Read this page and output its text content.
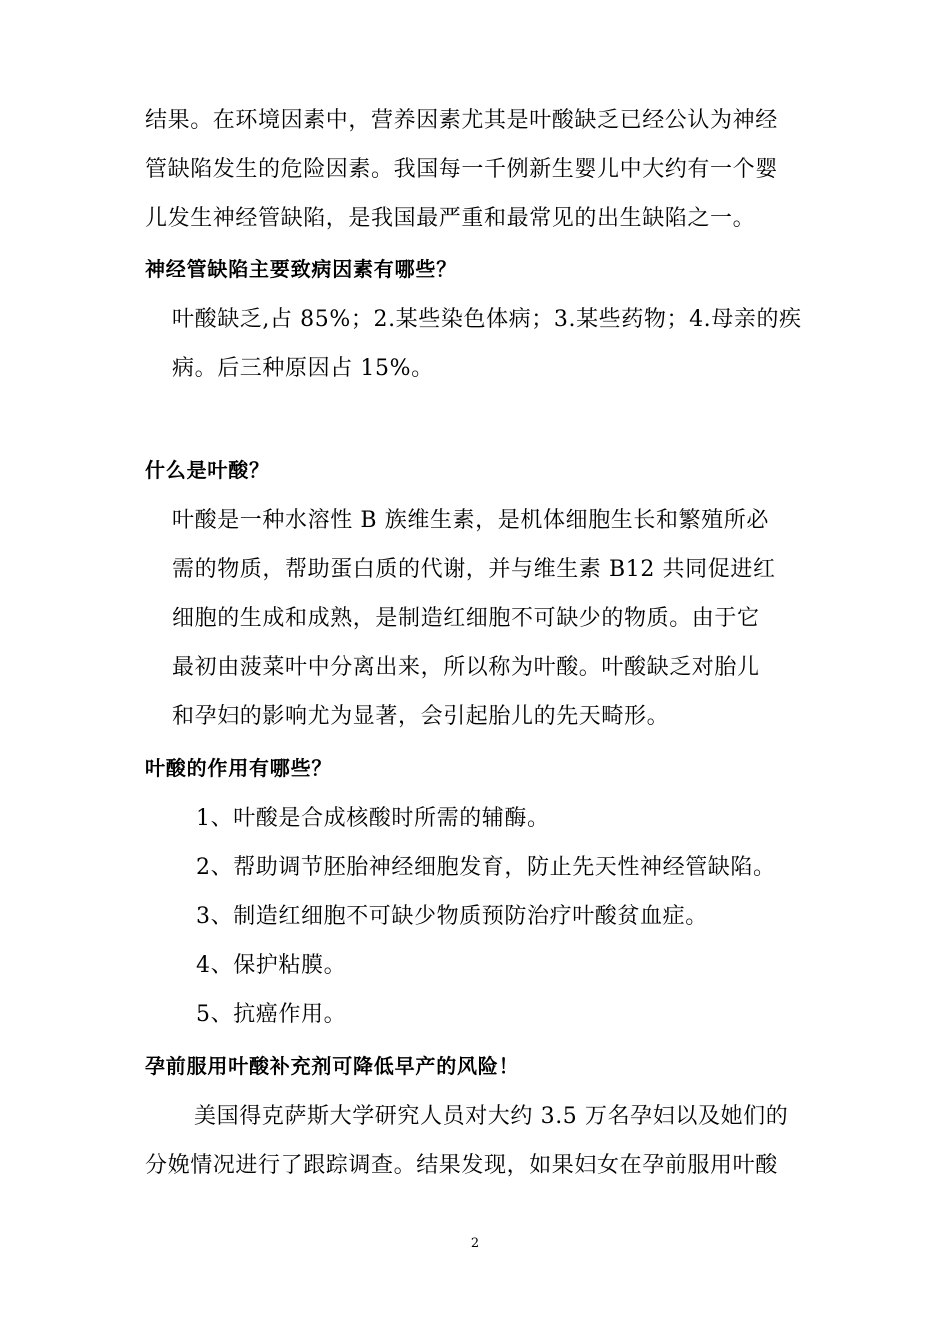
结果。在环境因素中，营养因素尤其是叶酸缺乏已经公认为神经
管缺陷发生的危险因素。我国每一千例新生婴儿中大约有一个婴
儿发生神经管缺陷，是我国最严重和最常见的出生缺陷之一。
神经管缺陷主要致病因素有哪些？
叶酸缺乏,占 85%；2.某些染色体病；3.某些药物；4.母亲的疾
病。后三种原因占 15%。
什么是叶酸？
叶酸是一种水溶性 B 族维生素，是机体细胞生长和繁殖所必
需的物质，帮助蛋白质的代谢，并与维生素 B12 共同促进红
细胞的生成和成熟，是制造红细胞不可缺少的物质。由于它
最初由菠菜叶中分离出来，所以称为叶酸。叶酸缺乏对胎儿
和孕妇的影响尤为显著，会引起胎儿的先天畸形。
叶酸的作用有哪些？
1、叶酸是合成核酸时所需的辅酶。
2、帮助调节胚胎神经细胞发育，防止先天性神经管缺陷。
3、制造红细胞不可缺少物质预防治疗叶酸贫血症。
4、保护粘膜。
5、抗癌作用。
孕前服用叶酸补充剂可降低早产的风险！
美国得克萨斯大学研究人员对大约 3.5 万名孕妇以及她们的
分娩情况进行了跟踪调查。结果发现，如果妇女在孕前服用叶酸
2
